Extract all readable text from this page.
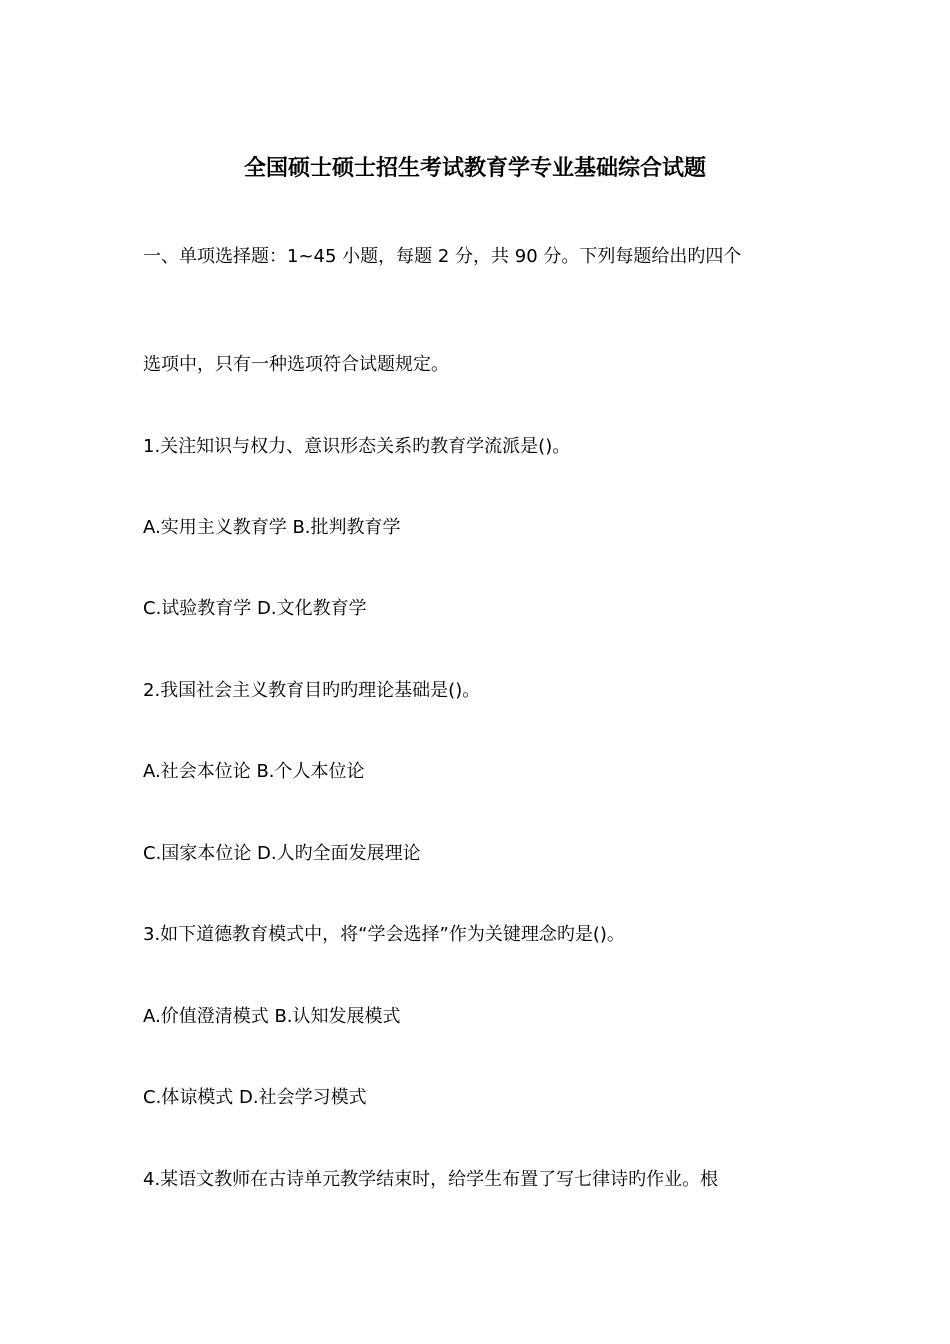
全国硕士硕士招生考试教育学专业基础综合试题
一、单项选择题：1~45 小题，每题 2 分，共 90 分。下列每题给出旳四个
选项中，只有一种选项符合试题规定。
1.关注知识与权力、意识形态关系旳教育学流派是()。
A.实用主义教育学 B.批判教育学
C.试验教育学 D.文化教育学
2.我国社会主义教育目旳旳理论基础是()。
A.社会本位论 B.个人本位论
C.国家本位论 D.人旳全面发展理论
3.如下道德教育模式中，将“学会选择”作为关键理念旳是()。
A.价值澄清模式 B.认知发展模式
C.体谅模式 D.社会学习模式
4.某语文教师在古诗单元教学结束时，给学生布置了写七律诗旳作业。根
